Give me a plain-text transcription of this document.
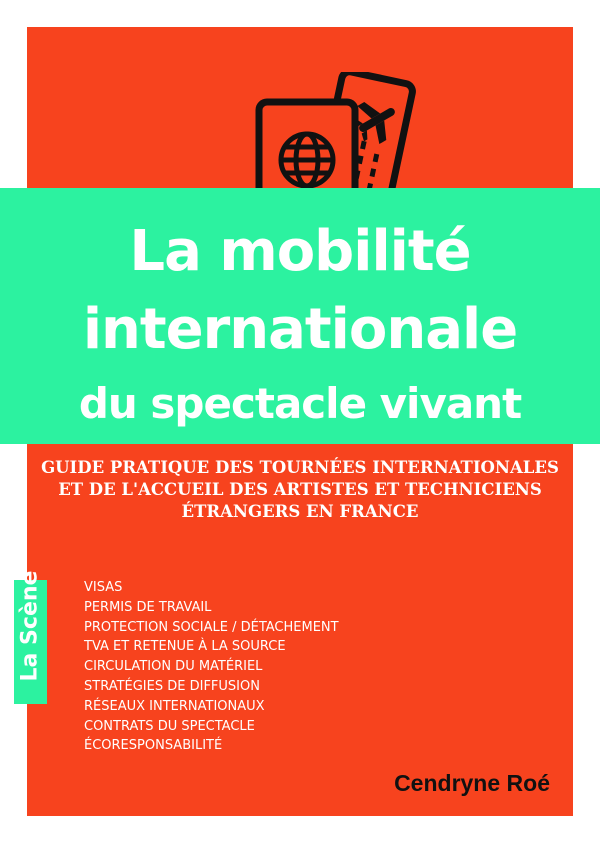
La mobilité
internationale
du spectacle vivant
GUIDE PRATIQUE DES TOURNÉES INTERNATIONALES
ET DE L'ACCUEIL DES ARTISTES ET TECHNICIENS
ÉTRANGERS EN FRANCE
La Scène	VISAS
PERMIS DE TRAVAIL
PROTECTION SOCIALE / DÉTACHEMENT
TVA ET RETENUE À LA SOURCE
CIRCULATION DU MATÉRIEL
STRATÉGIES DE DIFFUSION
RÉSEAUX INTERNATIONAUX
CONTRATS DU SPECTACLE
ÉCORESPONSABILITÉ
Cendryne Roé
